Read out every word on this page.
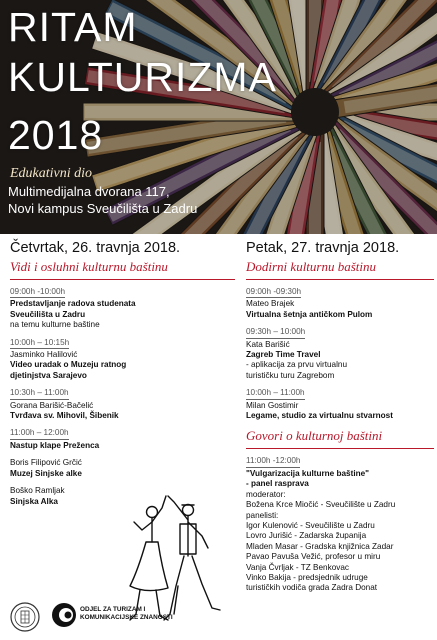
RITAM
KULTURIZMA
2018
Edukativni dio
Multimedijalna dvorana 117,
Novi kampus Sveučilišta u Zadru
Četvrtak, 26. travnja 2018.
Vidi i osluhni kulturnu baštinu
09:00h -10:00h
Predstavljanje radova studenata
Sveučilišta u Zadru
na temu kulturne baštine
10:00h – 10:15h
Jasminko Halilović
Video uradak o Muzeju ratnog
djetinjstva Sarajevo
10:30h – 11:00h
Gorana Barišić-Bačelić
Tvrđava sv. Mihovil, Šibenik
11:00h – 12:00h
Nastup klape Preženca
Boris Filipović Grčić
Muzej Sinjske alke
Boško Ramljak
Sinjska Alka
Petak, 27. travnja 2018.
Dodirni kulturnu baštinu
09:00h -09:30h
Mateo Brajek
Virtualna šetnja antičkom Pulom
09:30h – 10:00h
Kata Barišić
Zagreb Time Travel
- aplikacija za prvu virtualnu
turističku turu Zagrebom
10:00h – 11:00h
Milan Gostimir
Legame, studio za virtualnu stvarnost
Govori o kulturnoj baštini
11:00h -12:00h
"Vulgarizacija kulturne baštine"
- panel rasprava
moderator:
Božena Krce Miočić - Sveučilište u Zadru
panelisti:
Igor Kulenović - Sveučilište u Zadru
Lovro Jurišić - Zadarska županija
Mladen Masar - Gradska knjižnica Zadar
Pavao Pavuša Vežić, profesor u miru
Vanja Čvrljak - TZ Benkovac
Vinko Bakija - predsjednik udruge
turističkih vodiča grada Zadra Donat
ODJEL ZA TURIZAM I
KOMUNIKACIJSKE ZNANOSTI
